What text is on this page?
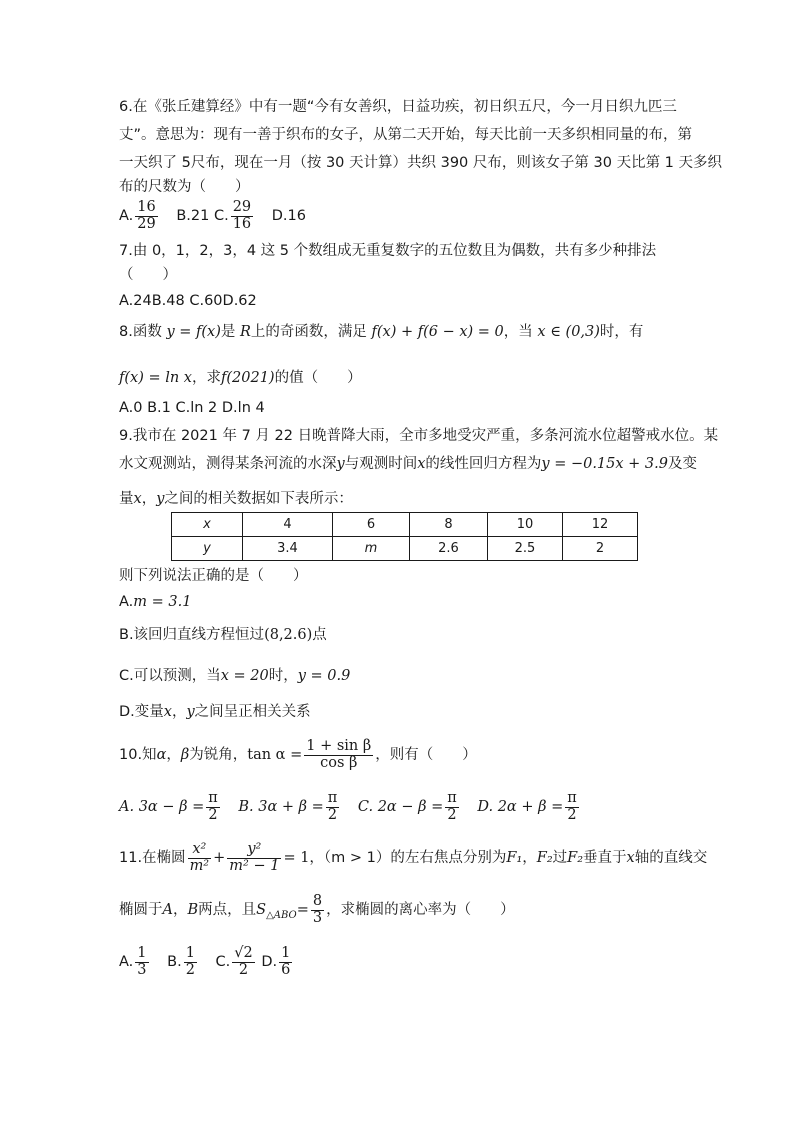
6.在《张丘建算经》中有一题“今有女善织，日益功疾，初日织五尺，今一月日织九匹三
丈”。意思为：现有一善于织布的女子，从第二天开始，每天比前一天多织相同量的布，第
一天织了 5尺布，现在一月（按 30 天计算）共织 390 尺布，则该女子第 30 天比第 1 天多织
布的尺数为（　　）
A. $\frac{16}{29} B.21$ C. $\frac{29}{16} D.16$
7.由 0，1，2，3，4 这 5 个数组成无重复数字的五位数且为偶数，共有多少种排法
（　　）
A.24B.48 C.60D.62
8.函数 y = f(x)是 R上的奇函数，满足 f(x) + f(6 − x) = 0，当 x ∈ (0,3)时，有
f(x) = ln x，求f(2021)的值（　　）
A.0 B.1 C.ln 2 D.ln 4
9.我市在 2021 年 7 月 22 日晚普降大雨，全市多地受灾严重，多条河流水位超警戒水位。某
水文观测站，测得某条河流的水深y与观测时间x的线性回归方程为y = −0.15x + 3.9及变
量x，y之间的相关数据如下表所示：
x	4	6	8	10	12
y	3.4	m	2.6	2.5	2
则下列说法正确的是（　　）
A.m = 3.1
B.该回归直线方程恒过(8,2.6)点
C.可以预测，当x = 20时，y = 0.9
D.变量x，y之间呈正相关关系
10.知α，β为锐角，$\tan \alpha = \frac{\text{1 + sin β}}{\text{cos β}}$ ，则有（　　）
A. $3\alpha - \beta = \frac{\pi}{2} B$. $3\alpha + \beta = \frac{\pi}{2} C$. $2\alpha - \beta = \frac{\pi}{2} D$. $2\alpha + \beta = \frac{\pi}{2}$
11.在椭圆 $\frac{\text{x²}}{\text{m²}} + \frac{\text{y²}}{\text{m² − 1}} = 1$，（m > 1）的左右焦点分别为F₁，F₂过F₂垂直于x轴的直线交
椭圆于A，B两点，且$S_{\triangle ABO}= \frac{8}{3}$ ，求椭圆的离心率为（　　）
A. $\frac{1}{3} B$. $\frac{1}{2} C$. $\frac{√2}{2} D$. $\frac{1}{6}$
